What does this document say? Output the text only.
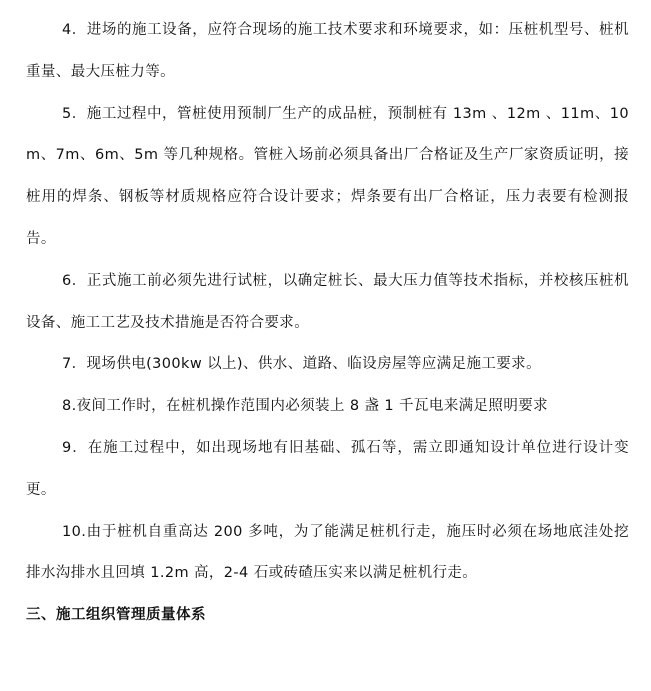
4．进场的施工设备，应符合现场的施工技术要求和环境要求，如：压桩机型号、桩机重量、最大压桩力等。

5．施工过程中，管桩使用预制厂生产的成品桩，预制桩有 13m 、12m 、11m、10m、7m、6m、5m 等几种规格。管桩入场前必须具备出厂合格证及生产厂家资质证明，接桩用的焊条、钢板等材质规格应符合设计要求；焊条要有出厂合格证，压力表要有检测报告。

6．正式施工前必须先进行试桩，以确定桩长、最大压力值等技术指标，并校核压桩机设备、施工工艺及技术措施是否符合要求。

7．现场供电(300kw 以上)、供水、道路、临设房屋等应满足施工要求。

8.夜间工作时，在桩机操作范围内必须装上 8 盏 1 千瓦电来满足照明要求

9．在施工过程中，如出现场地有旧基础、孤石等，需立即通知设计单位进行设计变更。

10.由于桩机自重高达 200 多吨，为了能满足桩机行走，施压时必须在场地底洼处挖排水沟排水且回填 1.2m 高，2-4 石或砖碴压实来以满足桩机行走。

三、施工组织管理质量体系
